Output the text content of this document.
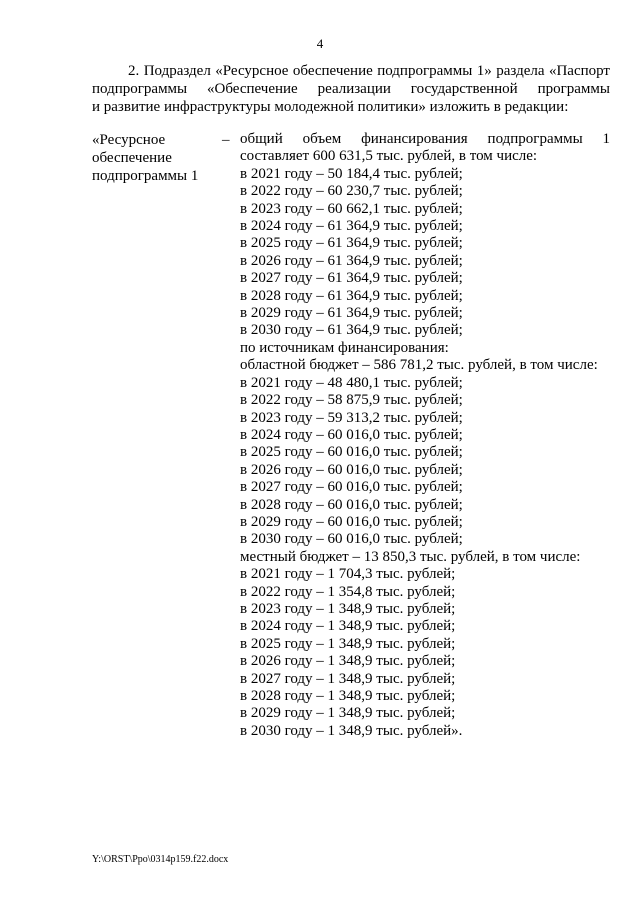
4
2. Подраздел «Ресурсное обеспечение подпрограммы 1» раздела «Паспорт
подпрограммы «Обеспечение реализации государственной программы
и развитие инфраструктуры молодежной политики» изложить в редакции:
«Ресурсное
обеспечение
подпрограммы 1
– общий объем финансирования подпрограммы 1
составляет 600 631,5 тыс. рублей, в том числе:
в 2021 году – 50 184,4 тыс. рублей;
в 2022 году – 60 230,7 тыс. рублей;
в 2023 году – 60 662,1 тыс. рублей;
в 2024 году – 61 364,9 тыс. рублей;
в 2025 году – 61 364,9 тыс. рублей;
в 2026 году – 61 364,9 тыс. рублей;
в 2027 году – 61 364,9 тыс. рублей;
в 2028 году – 61 364,9 тыс. рублей;
в 2029 году – 61 364,9 тыс. рублей;
в 2030 году – 61 364,9 тыс. рублей;
по источникам финансирования:
областной бюджет – 586 781,2 тыс. рублей, в том числе:
в 2021 году – 48 480,1 тыс. рублей;
в 2022 году – 58 875,9 тыс. рублей;
в 2023 году – 59 313,2 тыс. рублей;
в 2024 году – 60 016,0 тыс. рублей;
в 2025 году – 60 016,0 тыс. рублей;
в 2026 году – 60 016,0 тыс. рублей;
в 2027 году – 60 016,0 тыс. рублей;
в 2028 году – 60 016,0 тыс. рублей;
в 2029 году – 60 016,0 тыс. рублей;
в 2030 году – 60 016,0 тыс. рублей;
местный бюджет – 13 850,3 тыс. рублей, в том числе:
в 2021 году – 1 704,3 тыс. рублей;
в 2022 году – 1 354,8 тыс. рублей;
в 2023 году – 1 348,9 тыс. рублей;
в 2024 году – 1 348,9 тыс. рублей;
в 2025 году – 1 348,9 тыс. рублей;
в 2026 году – 1 348,9 тыс. рублей;
в 2027 году – 1 348,9 тыс. рублей;
в 2028 году – 1 348,9 тыс. рублей;
в 2029 году – 1 348,9 тыс. рублей;
в 2030 году – 1 348,9 тыс. рублей».
Y:\ORST\Ppo\0314p159.f22.docx
